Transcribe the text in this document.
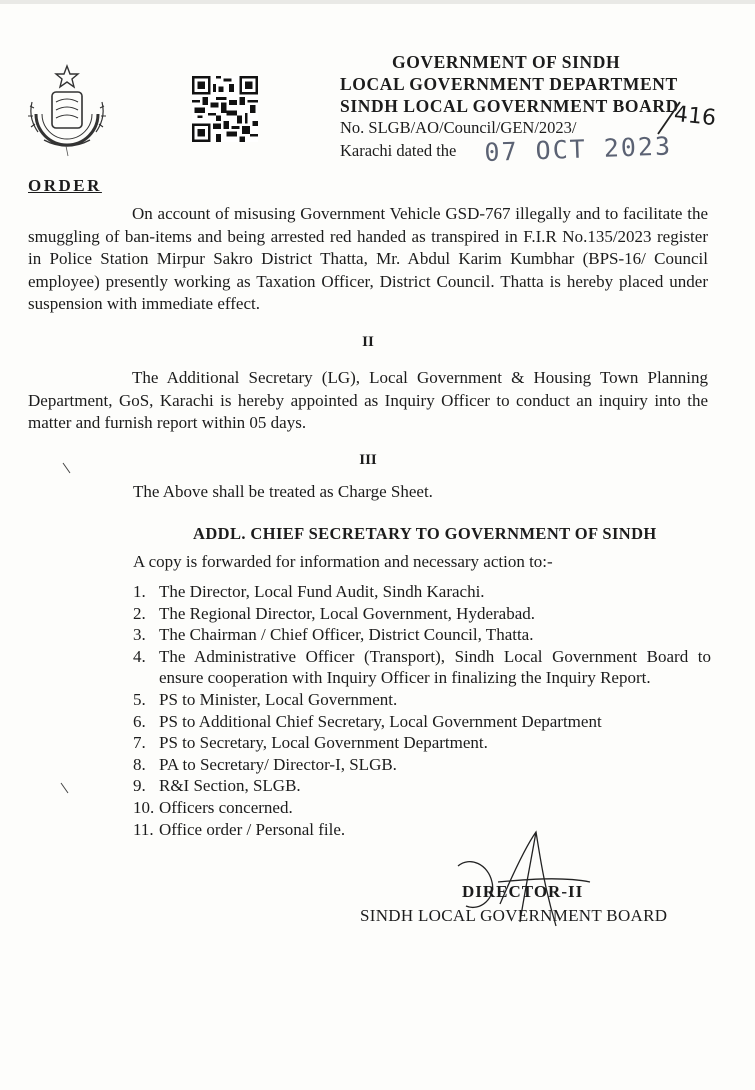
GOVERNMENT OF SINDH
LOCAL GOVERNMENT DEPARTMENT
SINDH LOCAL GOVERNMENT BOARD
No. SLGB/AO/Council/GEN/2023/
Karachi dated the 07 OCT 2023
416
ORDER

On account of misusing Government Vehicle GSD-767 illegally and to facilitate the smuggling of ban-items and being arrested red handed as transpired in F.I.R No.135/2023 register in Police Station Mirpur Sakro District Thatta, Mr. Abdul Karim Kumbhar (BPS-16/ Council employee) presently working as Taxation Officer, District Council. Thatta is hereby placed under suspension with immediate effect.

II

The Additional Secretary (LG), Local Government & Housing Town Planning Department, GoS, Karachi is hereby appointed as Inquiry Officer to conduct an inquiry into the matter and furnish report within 05 days.

III
The Above shall be treated as Charge Sheet.
ADDL. CHIEF SECRETARY TO GOVERNMENT OF SINDH
A copy is forwarded for information and necessary action to:-
1. The Director, Local Fund Audit, Sindh Karachi.
2. The Regional Director, Local Government, Hyderabad.
3. The Chairman / Chief Officer, District Council, Thatta.
4. The Administrative Officer (Transport), Sindh Local Government Board to ensure cooperation with Inquiry Officer in finalizing the Inquiry Report.
5. PS to Minister, Local Government.
6. PS to Additional Chief Secretary, Local Government Department
7. PS to Secretary, Local Government Department.
8. PA to Secretary/ Director-I, SLGB.
9. R&I Section, SLGB.
10. Officers concerned.
11. Office order / Personal file.
DIRECTOR-II
SINDH LOCAL GOVERNMENT BOARD
